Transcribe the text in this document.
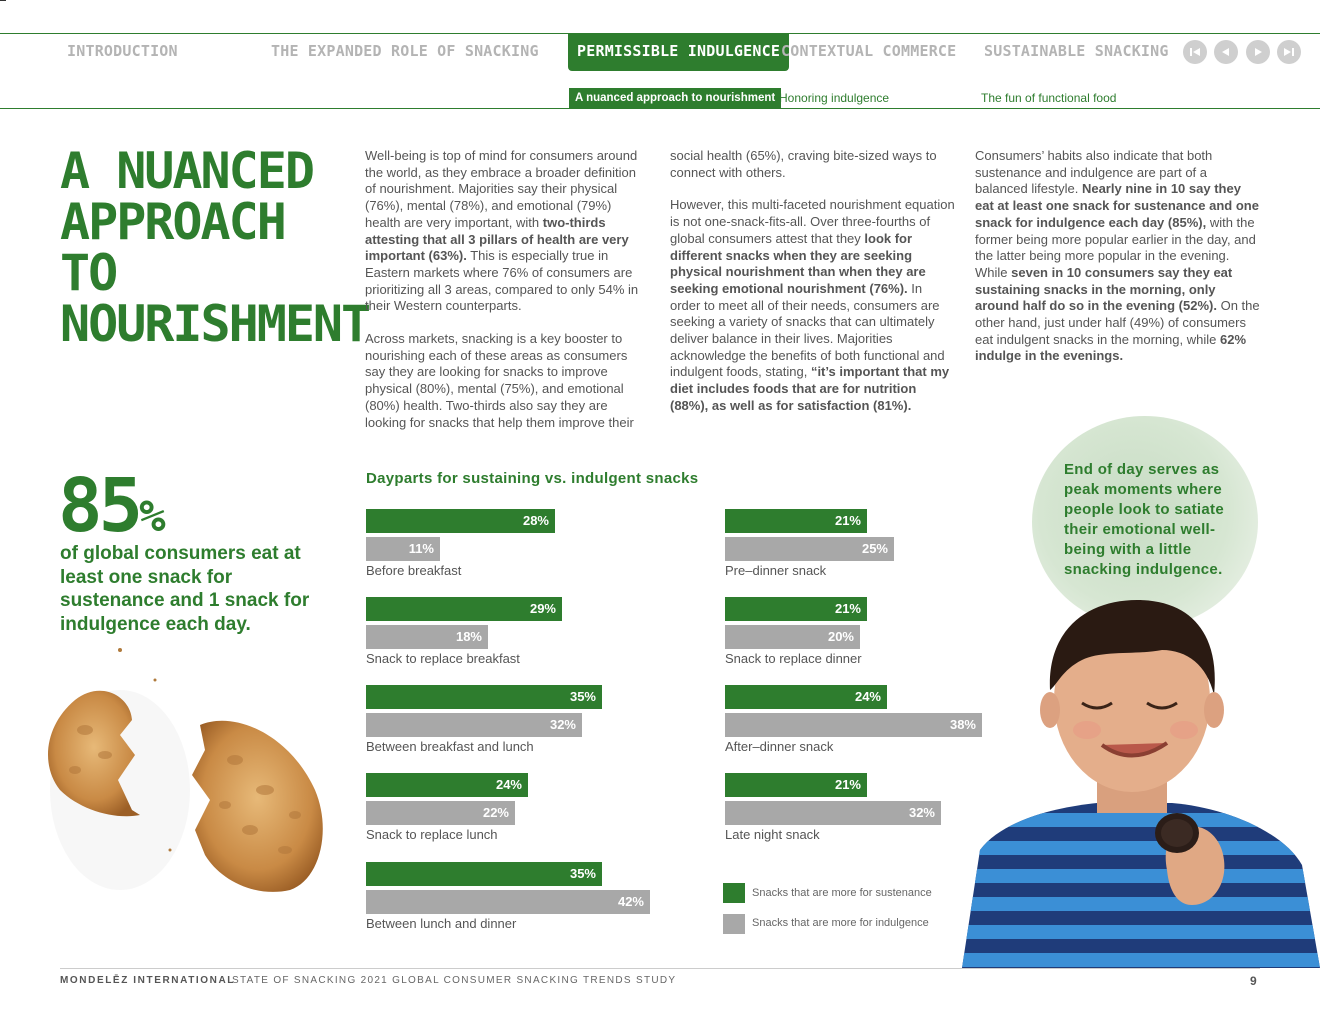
INTRODUCTION	THE EXPANDED ROLE OF SNACKING	PERMISSIBLE INDULGENCE CONTEXTUAL COMMERCE SUSTAINABLE SNACKING
A nuanced approach to nourishment Honoring indulgence	The fun of functional food
A NUANCED
APPROACH TO
NOURISHMENT

Well-being is top of mind for consumers around the world, as they embrace a broader definition of nourishment. Majorities say their physical (76%), mental (78%), and emotional (79%) health are very important, with two-thirds attesting that all 3 pillars of health are very important (63%). This is especially true in Eastern markets where 76% of consumers are prioritizing all 3 areas, compared to only 54% in their Western counterparts.

Across markets, snacking is a key booster to nourishing each of these areas as consumers say they are looking for snacks to improve physical (80%), mental (75%), and emotional (80%) health. Two-thirds also say they are looking for snacks that help them improve their

social health (65%), craving bite-sized ways to connect with others.

However, this multi-faceted nourishment equation is not one-snack-fits-all. Over three-fourths of global consumers attest that they look for different snacks when they are seeking physical nourishment than when they are seeking emotional nourishment (76%). In order to meet all of their needs, consumers are seeking a variety of snacks that can ultimately deliver balance in their lives. Majorities acknowledge the benefits of both functional and indulgent foods, stating, “it’s important that my diet includes foods that are for nutrition (88%), as well as for satisfaction (81%).

Consumers’ habits also indicate that both sustenance and indulgence are part of a balanced lifestyle. Nearly nine in 10 say they eat at least one snack for sustenance and one snack for indulgence each day (85%), with the former being more popular earlier in the day, and the latter being more popular in the evening. While seven in 10 consumers say they eat sustaining snacks in the morning, only around half do so in the evening (52%). On the other hand, just under half (49%) of consumers eat indulgent snacks in the morning, while 62% indulge in the evenings.

85%
of global consumers eat at least one snack for sustenance and 1 snack for indulgence each day.
Dayparts for sustaining vs. indulgent snacks
28%
11%
Before breakfast
29%
18%
Snack to replace breakfast
35%
32%
Between breakfast and lunch
24%
22%
Snack to replace lunch
35%
42%
Between lunch and dinner
21%
25%
Pre–dinner snack
21%
20%
Snack to replace dinner
24%
38%
After–dinner snack
21%
32%
Late night snack
Snacks that are more for sustenance
Snacks that are more for indulgence
End of day serves as peak moments where people look to satiate their emotional well-being with a little snacking indulgence.
MONDELĒZ INTERNATIONAL
STATE OF SNACKING 2021 GLOBAL CONSUMER SNACKING TRENDS STUDY	9
